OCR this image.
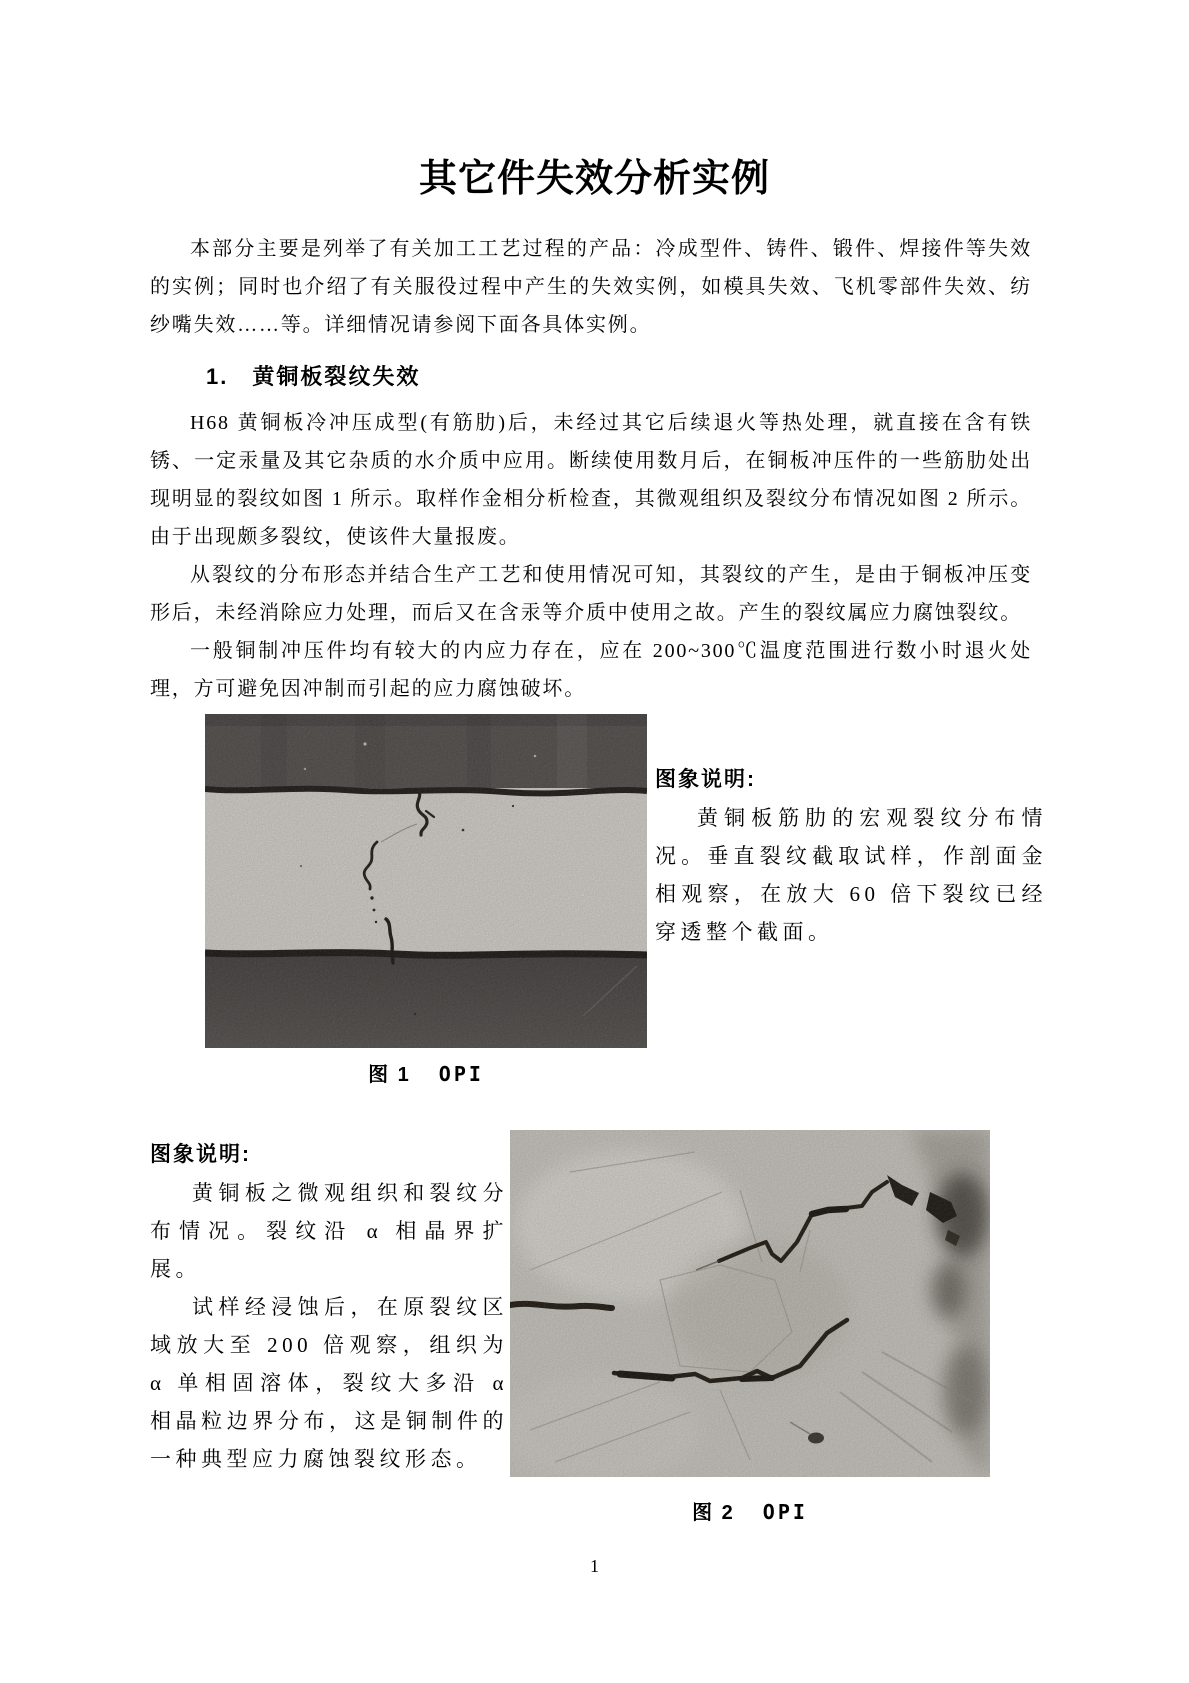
其它件失效分析实例

本部分主要是列举了有关加工工艺过程的产品：冷成型件、铸件、锻件、焊接件等失效的实例；同时也介绍了有关服役过程中产生的失效实例，如模具失效、飞机零部件失效、纺纱嘴失效……等。详细情况请参阅下面各具体实例。

1.　黄铜板裂纹失效

H68 黄铜板冷冲压成型(有筋肋)后，未经过其它后续退火等热处理，就直接在含有铁锈、一定汞量及其它杂质的水介质中应用。断续使用数月后，在铜板冲压件的一些筋肋处出现明显的裂纹如图 1 所示。取样作金相分析检查，其微观组织及裂纹分布情况如图 2 所示。由于出现颇多裂纹，使该件大量报废。

从裂纹的分布形态并结合生产工艺和使用情况可知，其裂纹的产生，是由于铜板冲压变形后，未经消除应力处理，而后又在含汞等介质中使用之故。产生的裂纹属应力腐蚀裂纹。

一般铜制冲压件均有较大的内应力存在，应在 200~300℃温度范围进行数小时退火处理，方可避免因冲制而引起的应力腐蚀破坏。

图 1 OPI

图象说明:

黄铜板筋肋的宏观裂纹分布情况。垂直裂纹截取试样，作剖面金相观察，在放大 60 倍下裂纹已经穿透整个截面。

图象说明:

黄铜板之微观组织和裂纹分布情况。裂纹沿 α 相晶界扩展。

试样经浸蚀后，在原裂纹区域放大至 200 倍观察，组织为 α 单相固溶体，裂纹大多沿 α 相晶粒边界分布，这是铜制件的一种典型应力腐蚀裂纹形态。

图 2 OPI
1
